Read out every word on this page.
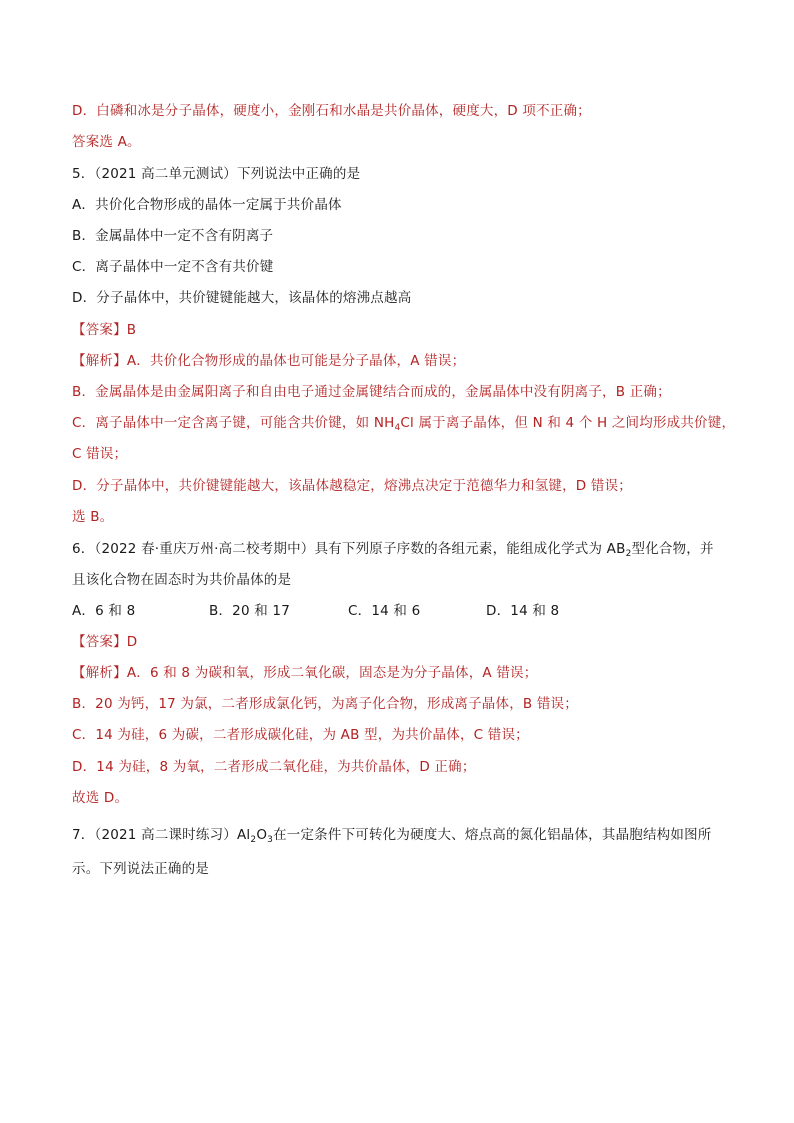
D．白磷和冰是分子晶体，硬度小，金刚石和水晶是共价晶体，硬度大，D 项不正确；
答案选 A。
5．（2021 高二单元测试）下列说法中正确的是
A．共价化合物形成的晶体一定属于共价晶体
B．金属晶体中一定不含有阴离子
C．离子晶体中一定不含有共价键
D．分子晶体中，共价键键能越大，该晶体的熔沸点越高
【答案】B
【解析】A．共价化合物形成的晶体也可能是分子晶体，A 错误；
B．金属晶体是由金属阳离子和自由电子通过金属键结合而成的，金属晶体中没有阴离子，B 正确；
C．离子晶体中一定含离子键，可能含共价键，如 $NH_4Cl$ 属于离子晶体，但 N 和 4 个 H 之间均形成共价键，
C 错误；
D．分子晶体中，共价键键能越大，该晶体越稳定，熔沸点决定于范德华力和氢键，D 错误；
选 B。
6．（2022 春·重庆万州·高二校考期中）具有下列原子序数的各组元素，能组成化学式为 $AB_2$型化合物，并
且该化合物在固态时为共价晶体的是
A．6 和 8	B．20 和 17	C．14 和 6	D．14 和 8
【答案】D
【解析】A．6 和 8 为碳和氧，形成二氧化碳，固态是为分子晶体，A 错误；
B．20 为钙，17 为氯，二者形成氯化钙，为离子化合物，形成离子晶体，B 错误；
C．14 为硅，6 为碳，二者形成碳化硅，为 AB 型，为共价晶体，C 错误；
D．14 为硅，8 为氧，二者形成二氧化硅，为共价晶体，D 正确；
故选 D。
7．（2021 高二课时练习）$Al_2O_3$在一定条件下可转化为硬度大、熔点高的氮化铝晶体，其晶胞结构如图所
示。下列说法正确的是
